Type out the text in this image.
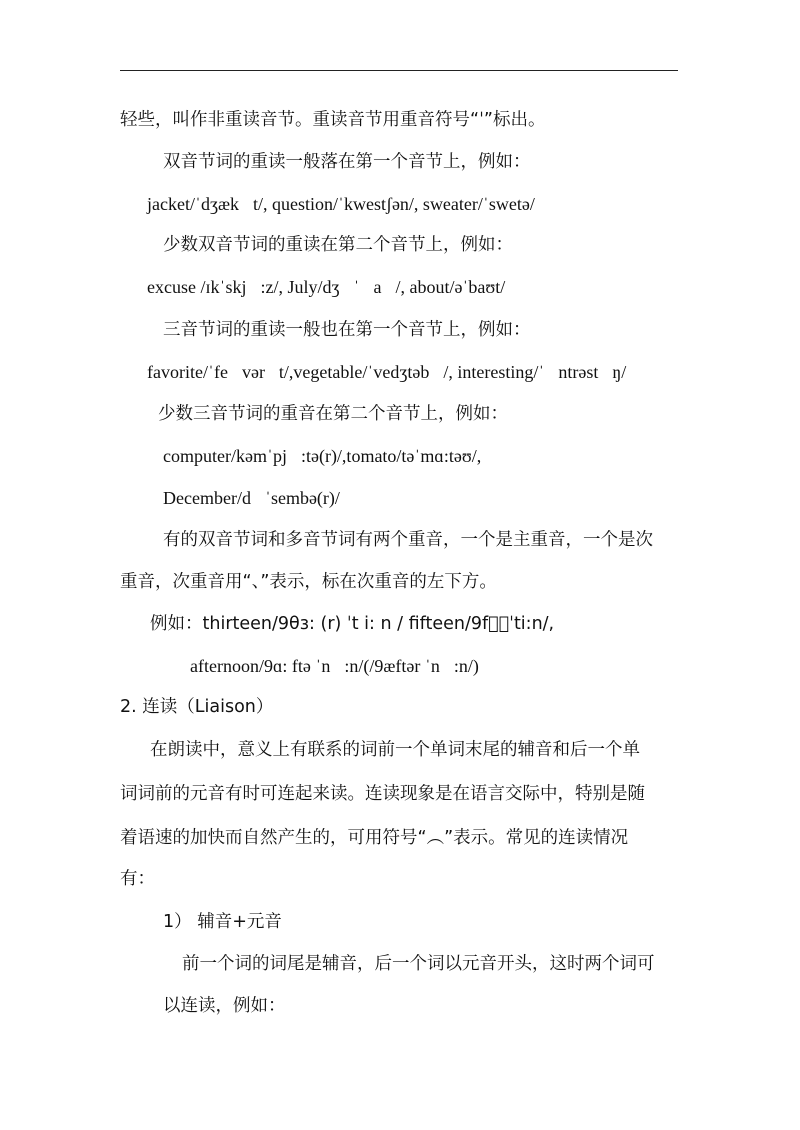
轻些，叫作非重读音节。重读音节用重音符号“ˈ”标出。

双音节词的重读一般落在第一个音节上，例如：

jacket/ˈdʒæk⃞t/, question/ˈkwestʃən/, sweater/ˈswetə/

少数双音节词的重读在第二个音节上，例如：

excuse /ɪkˈskj⃞:z/, July/dʒ⃞ˈ⃞a⃞/, about/əˈbaʊt/

三音节词的重读一般也在第一个音节上，例如：

favorite/ˈfe⃞vər⃞t/,vegetable/ˈvedʒtəb⃞/, interesting/ˈ⃞ntrəst⃞ŋ/

少数三音节词的重音在第二个音节上，例如：

computer/kəmˈpj⃞:tə(r)/,tomato/təˈmɑ:təʊ/,

December/d⃞ˈsembə(r)/

有的双音节词和多音节词有两个重音，一个是主重音，一个是次

重音，次重音用“、”表示，标在次重音的左下方。

例如：thirteen/9θɜ: (r) ˈt i: n / fifteen/9f⃞⃞ˈti:n/,

afternoon/9ɑ: ftə ˈn⃞:n/(/9æftər ˈn⃞:n/)

2. 连读（Liaison）

在朗读中，意义上有联系的词前一个单词末尾的辅音和后一个单

词词前的元音有时可连起来读。连读现象是在语言交际中，特别是随

着语速的加快而自然产生的，可用符号“︵”表示。常见的连读情况

有：

1） 辅音+元音

前一个词的词尾是辅音，后一个词以元音开头，这时两个词可

以连读，例如：
